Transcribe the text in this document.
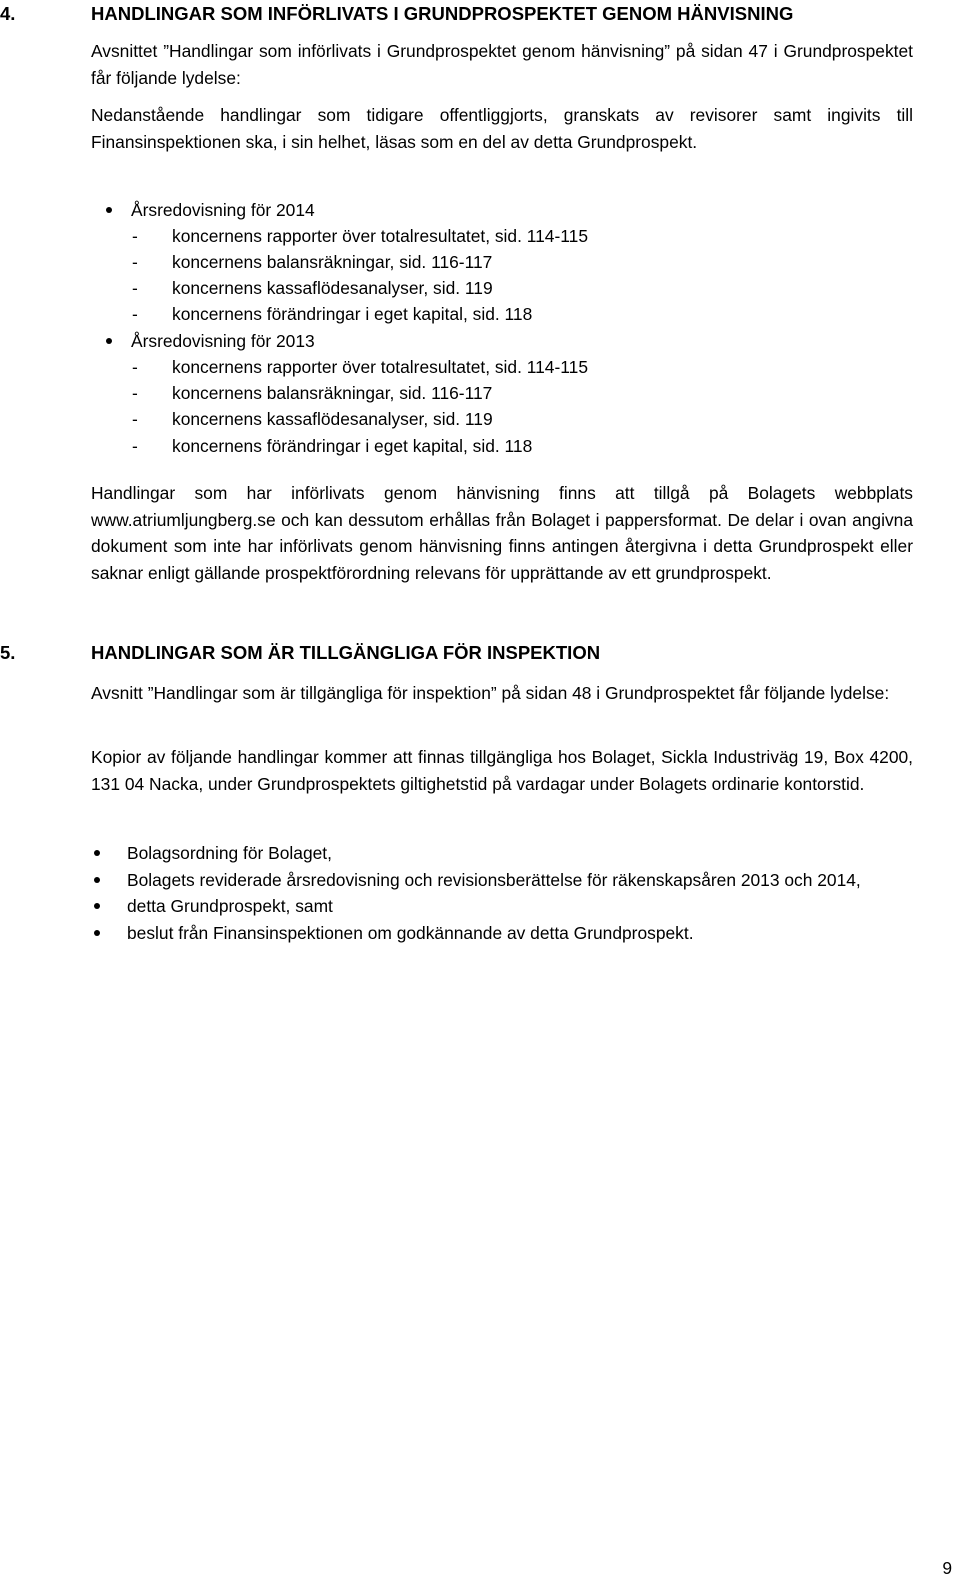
4.	HANDLINGAR SOM INFÖRLIVATS I GRUNDPROSPEKTET GENOM HÄNVISNING
Avsnittet ”Handlingar som införlivats i Grundprospektet genom hänvisning” på sidan 47 i Grundprospektet får följande lydelse:
Nedanstående handlingar som tidigare offentliggjorts, granskats av revisorer samt ingivits till Finansinspektionen ska, i sin helhet, läsas som en del av detta Grundprospekt.
Årsredovisning för 2014
- koncernens rapporter över totalresultatet, sid. 114-115
- koncernens balansräkningar, sid. 116-117
- koncernens kassaflödesanalyser, sid. 119
- koncernens förändringar i eget kapital, sid. 118
Årsredovisning för 2013
- koncernens rapporter över totalresultatet, sid. 114-115
- koncernens balansräkningar, sid. 116-117
- koncernens kassaflödesanalyser, sid. 119
- koncernens förändringar i eget kapital, sid. 118
Handlingar som har införlivats genom hänvisning finns att tillgå på Bolagets webbplats www.atriumljungberg.se och kan dessutom erhållas från Bolaget i pappersformat. De delar i ovan angivna dokument som inte har införlivats genom hänvisning finns antingen återgivna i detta Grundprospekt eller saknar enligt gällande prospektförordning relevans för upprättande av ett grundprospekt.
5.	HANDLINGAR SOM ÄR TILLGÄNGLIGA FÖR INSPEKTION
Avsnitt ”Handlingar som är tillgängliga för inspektion” på sidan 48 i Grundprospektet får följande lydelse:
Kopior av följande handlingar kommer att finnas tillgängliga hos Bolaget, Sickla Industriväg 19, Box 4200, 131 04 Nacka, under Grundprospektets giltighetstid på vardagar under Bolagets ordinarie kontorstid.
Bolagsordning för Bolaget,
Bolagets reviderade årsredovisning och revisionsberättelse för räkenskapsåren 2013 och 2014,
detta Grundprospekt, samt
beslut från Finansinspektionen om godkännande av detta Grundprospekt.
9
